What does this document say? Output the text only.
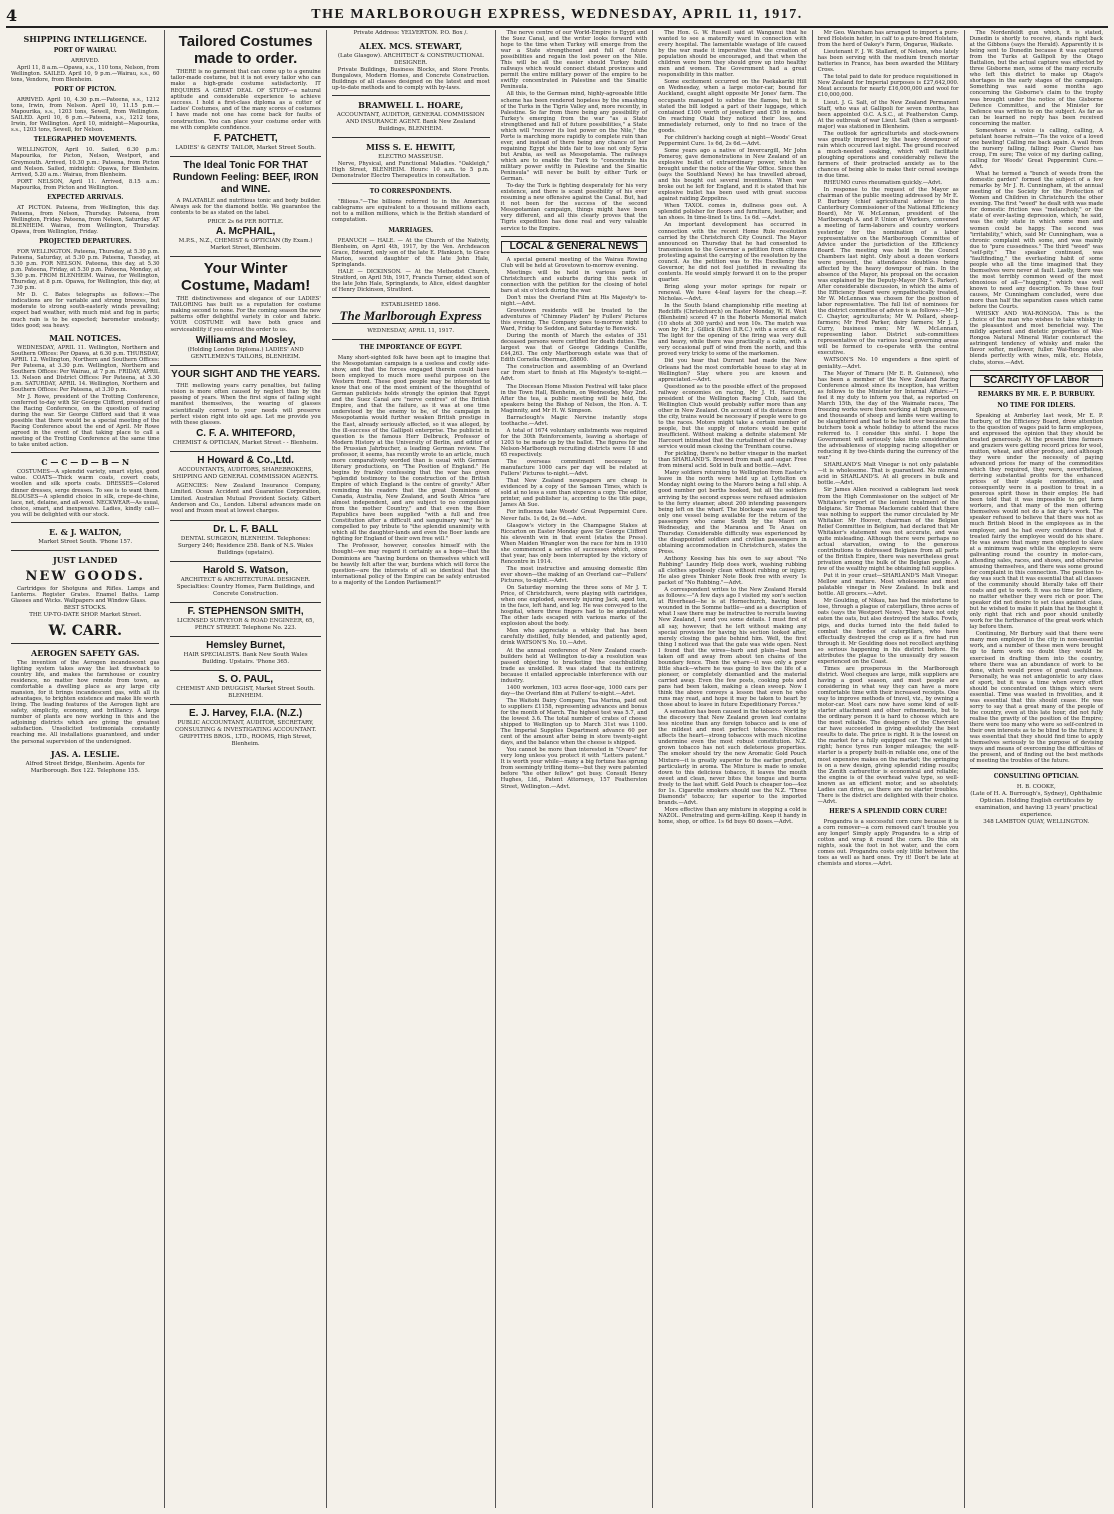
4	THE MARLBOROUGH EXPRESS, WEDNESDAY, APRIL 11, 1917.
SHIPPING INTELLIGENCE.
PORT OF WAIRAU.
ARRIVED.

April 11, 8 a.m.—Opawa, s.s., 110 tons, Nelson, from Wellington. SAILED. April 10, 9 p.m.—Wairau, s.s., 60 tons, Vendore, from Blenheim.

PORT OF PICTON.

ARRIVED. April 10, 4.30 p.m.—Pateena, s.s., 1212 tons, Irwin, from Nelson. April 10, 11.15 p.m.—Mapourika, s.s., 1203 tons, Sewell, from Wellington. SAILED. April 10, 6 p.m.—Pateena, s.s., 1212 tons, Irwin, for Wellington. April 10, midnight—Mapourika, s.s., 1203 tons, Sewell, for Nelson.

TELEGRAPHED MOVEMENTS.

WELLINGTON, April 10. Sailed, 6.30 p.m.: Mapourika, for Picton, Nelson, Westport, and Greymouth. Arrived, 10.30 p.m.: Pateena, from Picton and Nelson. Sailed, midnight: Opawa, for Blenheim. Arrived, 5.20 a.m.: Wairau, from Blenheim.

PORT NELSON, April 11. Arrived, 8.15 a.m.: Mapourika, from Picton and Wellington.

EXPECTED ARRIVALS.

AT PICTON. Pateena, from Wellington, this day. Pateena, from Nelson, Thursday. Pateena, from Wellington, Friday. Pateena, from Nelson, Saturday. AT BLENHEIM. Wairau, from Wellington, Thursday. Opawa, from Wellington, Friday.

PROJECTED DEPARTURES.

FOR WELLINGTON. Pateena, Thursday, at 5.30 p.m. Pateena, Saturday, at 5.30 p.m. Pateena, Tuesday, at 5.30 p.m. FOR NELSON. Pateena, this day, at 5.30 p.m. Pateena, Friday, at 5.30 p.m. Pateena, Monday, at 5.30 p.m. FROM BLENHEIM. Wairau, for Wellington, Thursday, at 8 p.m. Opawa, for Wellington, this day, at 7.30 p.m.

Mr D. C. Bates telegraphs as follows:—The indications are for variable and strong breezes, but moderate to strong south-easterly winds prevailing; expect bad weather, with much mist and fog in parts; much rain is to be expected; barometer unsteady; tides good; sea heavy.

MAIL NOTICES.

WEDNESDAY, APRIL 11. Wellington, Northern and Southern Offices: Per Opawa, at 6.30 p.m. THURSDAY, APRIL 12. Wellington, Northern and Southern Offices: Per Pateena, at 3.30 p.m. Wellington, Northern and Southern Offices: Per Wairau, at 7 p.m. FRIDAY, APRIL 13. Nelson and District Offices: Per Pateena, at 3.30 p.m. SATURDAY, APRIL 14. Wellington, Northern and Southern Offices: Per Pateena, at 3.30 p.m.

Mr J. Rowe, president of the Trotting Conference, conferred to-day with Sir George Clifford, president of the Racing Conference, on the question of racing during the war. Sir George Clifford said that it was possible that there would be a special meeting of the Racing Conference about the end of April. Mr Rowe agreed in the event of that taking place to call a meeting of the Trotting Conference at the same time to take united action.

C — C — D — B — N

COSTUMES—A splendid variety, smart styles, good value. COATS—Thick warm coats, covert coats, woollen and silk sports coats. DRESSES—Colored dinner dresses, serge dresses. To see is to want them. BLOUSES—A splendid choice in silk, crepe-de-chine, lace, net, delaine, and all-wool. NECKWEAR—As usual, choice, smart, and inexpensive. Ladies, kindly call—you will be delighted with our stock.

E. & J. WALTON,
Market Street South. 'Phone 157.
JUST LANDED
NEW GOODS.

Cartridges for Shotguns and Rifles. Lamps and Lanterns. Register Grates. Enamel Baths. Lamp Glasses and Wicks. Wallpapers and Window Glass.

BEST STOCKS.
THE UP-TO-DATE SHOP. Market Street.
W. CARR.
AEROGEN SAFETY GAS.

The invention of the Aerogen incandescent gas lighting system takes away the last drawback to country life, and makes the farmhouse or country residence, no matter how remote from town, as comfortable a dwelling place as any large city mansion, for it brings incandescent gas, with all its advantages, to brighten existence and make life worth living. The leading features of the Aerogen light are safety, simplicity, economy, and brilliancy. A large number of plants are now working in this and the adjoining districts which are giving the greatest satisfaction. Unsolicited testimonials constantly reaching me. All installations guaranteed, and under the personal supervision of the undersigned.

JAS. A. LESLIE.
Alfred Street Bridge, Blenheim. Agents for Marlborough. Box 122. Telephone 155.
Tailored Costumes made to order.

THERE is no garment that can come up to a genuine tailor-made costume, but it is not every tailor who can make a high-grade costume satisfactorily. IT REQUIRES A GREAT DEAL OF STUDY—a natural aptitude and considerable experience to achieve success. I hold a first-class diploma as a cutter of Ladies' Costumes, and of the many scores of costumes I have made not one has come back for faults of construction. You can place your costume order with me with complete confidence.

F. PATCHETT,
LADIES' & GENTS' TAILOR, Market Street South.
The Ideal Tonic FOR THAT Rundown Feeling: BEEF, IRON and WINE.

A PALATABLE and nutritious tonic and body builder. Always ask for the diamond bottle. We guarantee the contents to be as stated on the label.

PRICE 2s 6d PER BOTTLE.
A. McPHAIL,
M.P.S., N.Z., CHEMIST & OPTICIAN (By Exam.) Market Street, Blenheim.
Your Winter Costume, Madam!

THE distinctiveness and elegance of our LADIES' TAILORING has built us a reputation for costume making second to none. For the coming season the new patterns offer delightful variety in color and fabric. YOUR COSTUME will have both grace and serviceability if you entrust the order to us.

Williams and Mosley,
(Holding London Diploma.) LADIES' AND GENTLEMEN'S TAILORS, BLENHEIM.
YOUR SIGHT AND THE YEARS.

THE mellowing years carry penalties, but failing vision is more often caused by neglect than by the passing of years. When the first signs of failing sight manifest themselves, the wearing of glasses scientifically correct to your needs will preserve perfect vision right into old age. Let me provide you with these glasses.

C. F. A. WHITEFORD,
CHEMIST & OPTICIAN, Market Street - - Blenheim.
H Howard & Co.,Ltd.
ACCOUNTANTS, AUDITORS, SHAREBROKERS, SHIPPING AND GENERAL COMMISSION AGENTS.

AGENCIES: New Zealand Insurance Company, Limited. Ocean Accident and Guarantee Corporation, Limited. Australian Mutual Provident Society. Gilbert Anderson and Co., London. Liberal advances made on wool and frozen meat at lowest charges.

Dr. L. F. BALL
DENTAL SURGEON, BLENHEIM. Telephones: Surgery 246; Residence 258. Bank of N.S. Wales Buildings (upstairs).
Harold S. Watson,
ARCHITECT & ARCHITECTURAL DESIGNER. Specialties: Country Homes, Farm Buildings, and Concrete Construction.
F. STEPHENSON SMITH,
LICENSED SURVEYOR & ROAD ENGINEER, 65, PERCY STREET. Telephone No. 223.
Hemsley Burnet,
HAIR SPECIALISTS. Bank New South Wales Building. Upstairs. 'Phone 365.
S. O. PAUL,
CHEMIST AND DRUGGIST, Market Street South. BLENHEIM.
E. J. Harvey, F.I.A. (N.Z.)
PUBLIC ACCOUNTANT, AUDITOR, SECRETARY, CONSULTING & INVESTIGATING ACCOUNTANT. GRIFFITHS BROS., LTD., ROOMS, High Street, Blenheim.
Private Address: YELVERTON. P.O. Box /.
ALEX. MCS. STEWART,
(Late Glasgow). ARCHITECT & CONSTRUCTIONAL DESIGNER.

Private Buildings, Business Blocks, and Store Fronts. Bungalows, Modern Homes, and Concrete Construction. Buildings of all classes designed on the latest and most up-to-date methods and to comply with by-laws.

BRAMWELL L. HOARE,
ACCOUNTANT, AUDITOR, GENERAL COMMISSION AND INSURANCE AGENT. Bank New Zealand Buildings, BLENHEIM.
MISS S. E. HEWITT,
ELECTRO MASSEUSE.

Nerve, Physical, and Functional Maladies. "Oakleigh," High Street, BLENHEIM. Hours: 10 a.m. to 5 p.m. Demonstrator Electro Therapeutics in consultation.

TO CORRESPONDENTS.

"Bilious."—The billions referred to in the American cablegrams are equivalent to a thousand millions each, not to a million millions, which is the British standard of computation.

MARRIAGES.

PEANUCH — HALE. — At the Church of the Nativity, Blenheim, on April 4th, 1917, by the Ven. Archdeacon Grace, Edward, only son of the late E. Pfankuch, to Grace Marion, second daughter of the late John Hale, Springlands.

HALE — DICKINSON. — At the Methodist Church, Stratford, on April 5th, 1917, Francis Turner, eldest son of the late John Hale, Springlands, to Alice, eldest daughter of Henry Dickinson, Stratford.

ESTABLISHED 1866.
The Marlborough Express
WEDNESDAY, APRIL 11, 1917.
THE IMPORTANCE OF EGYPT.

Many short-sighted folk have been apt to imagine that the Mesopotamian campaign is a useless and costly side-show, and that the forces engaged therein could have been employed to much more useful purpose on the Western front. These good people may be interested to know that one of the most eminent of the thoughtful of German publicists holds strongly the opinion that Egypt and the Suez Canal are "nerve centres" of the British Empire, and that the failure, as it was at one time understood by the enemy to be, of the campaign in Mesopotamia would further weaken British prestige in the East, already seriously affected, so it was alleged, by the ill-success of the Gallipoli enterprise. The publicist in question is the famous Herr Delbruck, Professor of Modern History at the University of Berlin, and editor of the Prussian Jahrbucher, a leading German review. The professor, it seems, has recently wrote to an article, much more comparatively worded than is usual with German literary productions, on "The Position of England." He begins by frankly confessing that the war has given "splendid testimony to the construction of the British Empire of which England is the centre of gravity." After reminding his readers that the great Dominions of Canada, Australia, New Zealand, and South Africa "are almost independent, and are subject to no compulsion from the mother Country," and that even the Boer Republics have been supplied "with a full and free Constitution after a difficult and sanguinary war," he is compelled to pay tribute to "the splendid unanimity with which all the daughter-lands and even the Boer lands are fighting for England of their own free will."

The Professor, however, consoles himself with the thought—we may regard it certainly as a hope—that the Dominions are "having burdens on themselves which will be heavily felt after the war, burdens which will force the question—are the interests of all so identical that the international policy of the Empire can be safely entrusted to a majority of the London Parliament?"

The nerve centre of our World-Empire is Egypt and the Suez Canal, and the writer looks forward with hope to the time when Turkey will emerge from the war a State strengthened and full of future possibilities and regain the lost power on the Nile. This will be all the easier should Turkey build railways which would connect distant provinces and permit the entire military power of the empire to be swiftly concentrated in Palestine and the Sinaitic Peninsula.

All this, to the German mind, highly-agreeable little scheme has been rendered hopeless by the smashing of the Turks in the Tigris Valley and, more recently, in Palestine. So far from there being any possibility of Turkey's emerging from the war "as a State strengthened and full of future possibilities," a State which will "recover its lost power on the Nile," the Porte is marching more rapidly to complete ruin than ever, and instead of there being any chance of her regaining Egypt she bids fair to lose not only Syria but Arabia, as well as Mesopotamia. The railways which are to enable the Turk to "concentrate his military power swiftly in Palestine and the Sinaitic Peninsula" will never be built by either Turk or German.

To-day the Turk is fighting desperately for his very existence, and there is scant possibility of his ever resuming a new offensive against the Canal. But, had it not been for the success of the second Mesopotamian campaign, things might have been very different, and all this clearly proves that the Tigris expedition has done real and very valuable service to the Empire.

LOCAL & GENERAL NEWS

A special general meeting of the Wairau Rowing Club will be held at Grovetown to-morrow evening.

Meetings will be held in various parts of Christchurch and suburbs during this week in connection with the petition for the closing of hotel bars at six o'clock during the war.

Don't miss the Overland Film at His Majesty's to-night.—Advt.

Grovetown residents will be treated to the adventures of "Chimney Pladen" by Fullers' Pictures this evening. The Company goes to-morrow night to Ward, Friday to Seddon, and Saturday to Renwick.

During the month of March the estates of 351 deceased persons were certified for death duties. The largest was that of George Giddings Cunliffe, £44,263. The only Marlborough estate was that of Edith Cornelia Oberman, £8800.

The construction and assembling of an Overland car from start to finish at His Majesty's to-night.—Advt.

The Diocesan Home Mission Festival will take place in the Town Hall, Blenheim, on Wednesday, May 2nd. After the tea, a public meeting will be held, the speakers being the Bishop of Nelson, the Hon. A. T. Maginnity, and Mr H. W. Simpson.

Barraclough's Magic Nervine instantly stops toothache.—Advt.

A total of 1674 voluntary enlistments was required for the 30th Reinforcements, leaving a shortage of 1203 to be made up by the ballot. The figures for the Nelson-Marlborough recruiting districts were 18 and 65 respectively.

The overseas commitment necessary to manufacture 1000 cars per day will be related at Fullers' Pictures to-night.—Advt.

That New Zealand newspapers are cheap is evidenced by a copy of the Samoan Times, which is sold at no less a sum than sixpence a copy. The editor, printer, and publisher is, according to the title page, James Ah Sue.

For influenza take Woods' Great Peppermint Cure. Never fails. 1s 6d, 2s 6d.—Advt.

Glasgow's victory in the Champagne Stakes at Riccarton on Easter Monday gave Sir George Clifford his eleventh win in that event (states the Press). When Maiden Wrangler won the race for him in 1910 she commenced a series of successes which, since that year, has only been interrupted by the victory of Rencontre in 1914.

The most instructive and amusing domestic film ever shown—the making of an Overland car—Fullers' Pictures, to-night.—Advt.

On Saturday morning the three sons of Mr J. T. Price, of Christchurch, were playing with cartridges, when one exploded, severely injuring Jack, aged ten, in the face, left hand, and leg. He was conveyed to the hospital, where three fingers had to be amputated. The other lads escaped with various marks of the explosion about the body.

Men who appreciate a whisky that has been carefully distilled, fully blended, and patiently aged, drink WATSON'S No. 10.—Advt.

At the annual conference of New Zealand coach-builders held at Wellington to-day a resolution was passed objecting to bracketing the coachbuilding trade as unskilled. It was stated that its entirety, because it entailed appreciable interference with our industry.

1400 workmen, 103 acres floor-age, 1000 cars per day—the Overland film at Fullers' to-night.—Advt.

The Waitohi Dairy Company, Tua Marina, paid out to suppliers £1158, representing advances and bonus for the month of March. The highest test was 5.7, and the lowest 3.6. The total number of crates of cheese shipped to Wellington up to March 31st was 1100. The Imperial Supplies Department advance 60 per cent of the amount after being in store twenty-eight days, and the balance when the cheese is shipped.

You cannot be more than interested in "Ovaro" for very long unless you protect it with "Letters patent." It is worth your while—many a big fortune has sprung from seemingly trifling items—but they were patented before "the other fellow" got busy. Consult Henry Hughes, Ltd., Patent Attorneys, 157 Featherston Street, Wellington.—Advt.

The Hon. G. W. Russell said at Wanganui that he wanted to see a maternity ward in connection with every hospital. The lamentable wastage of life caused by the war made it imperative that the creation of population should be encouraged, and that when the children were born they should grow up into healthy men and women. The Government had a great responsibility in this matter.

Some excitement occurred on the Paekakariki Hill on Wednesday, when a large motor-car, bound for Auckland, caught alight opposite Mr Jones' farm. The occupants managed to subdue the flames, but it is stated the bill lodged a part of their luggage, which contained £100 worth of jewellery and £50 in notes. On reaching Otaki they noticed their loss, and immediately returned, only to find no trace of the goods.

For children's hacking cough at night—Woods' Great Peppermint Cure. 1s 6d, 2s 6d.—Advt.

Some years ago a native of Invercargill, Mr John Pomeroy, gave demonstrations in New Zealand of an explosive bullet of extraordinary power, which he brought under the notice of the War Office. Since then (says the Southland News) he has travelled abroad, and his bought out several inventions. When war broke out he left for England, and it is stated that his explosive bullet has been used with great success against raiding Zeppelins.

When TAXOL comes in, dullness goes out. A splendid polisher for floors and furniture, leather, and tan shoes. In time-lined 1s tins. 1s 6d. —Advt.

An important development has occurred in connection with the recent Home Rule resolution carried by the Christchurch City Council. The Mayor announced on Thursday that he had consented to transmission to the Governor a petition from citizens protesting against the carrying of the resolution by the council. As the petition was to His Excellency the Governor, he did not feel justified in revealing its contents. He would simply forward it on to the proper quarter.

Bring along your motor springs for repair or renewal. We have 4-leaf layers for the cheap.—F. Nicholas.—Advt.

In the South Island championship rifle meeting at Redcliffs (Christchurch) on Easter Monday, W. H. West (Blenheim) scored 47 in the Roberts Memorial match (10 shots at 300 yards) and won 10s. The match was won by Mr. J. Gillick (Kiwi D.R.C.) with a score of 42. The light for the opening of the firing was very dull and heavy, while there was practically a calm, with a very occasional puff of wind from the north, and this proved very tricky to some of the marksmen.

Did you hear that Durrant had made the New Orleans had the most comfortable house to stay at in Wellington? Stay where you are known and appreciated.—Advt.

Questioned as to the possible effect of the proposed railway economies on racing, Mr J. H. Harcourt, president of the Wellington Racing Club, said the Wellington Club would probably suffer more than any other in New Zealand. On account of its distance from the city, trains would be necessary if people were to go to the races. Motors might take a certain number of people, but the supply of motors would be quite insufficient. Without making a definite statement Mr Harcourt intimated that the curtailment of the railway service would mean closing the Trentham course.

For pickling, there's no better vinegar in the market than SHARLAND'S. Brewed from malt and sugar. Free from mineral acid. Sold in bulk and bottle.—Advt.

Many soldiers returning to Wellington from Easter's leave in the north were held up at Lyttelton on Monday night owing to the Maroro being a full ship. A good number got berths booked, but all the soldiers arriving by the second express were refused admission to the ferry steamer, about 200 intending passengers being left on the wharf. The blockage was caused by only one vessel being available for the return of the passengers who came South by the Maori on Wednesday, and the Maranoa and Te Anau on Thursday. Considerable difficulty was experienced by the disappointed soldiers and civilian passengers in obtaining accommodation in Christchurch, states the Press.

Anthony Keesing has his own to say about "No Rubbing" Laundry Help does work, washing rubbing all clothes spotlessly clean without rubbing or injury. He also gives Thinker Note Book free with every 1s packet of "No Rubbing."—Advt.

A correspondent writes to the New Zealand Herald as follows:—"A few days ago I visited my son's section at Riverhead—he is at Hornechurch, having been wounded in the Somme battle—and as a description of what I saw there may be instructive to recruits leaving New Zealand, I send you some details. I must first of all say, however, that he left without making any special provision for having his section looked after, merely closing the gate behind him. Well, the first thing I noticed was that the gate was wide open. Next I found that the wires—barb and plain—had been taken off and away from about ten chains of the boundary fence. Then the whare—it was only a poor little shack—where he was going to live the life of a pioneer, or completely dismantled and the material carried away. Even the few posts, cooking pots and pans had been taken, making a clean sweep. Now I think the above conveys a lesson that even he who runs may read, and hope it may be taken to heart by those about to leave in future Expeditionary Forces."

A sensation has been caused in the tobacco world by the discovery that New Zealand grown leaf contains less nicotine than any foreign tobacco and is one of the mildest and most perfect tobaccos. Nicotine affects the heart—strong tobaccos with much nicotine undermine even the most robust constitution. N.Z. grown tobacco has not such deleterious properties. The smoker should try the new Aromatic Gold Pouch Mixture—it is greatly superior to the earlier product, particularly in aroma. The Mixture is made to smoke down to this delicious tobacco, it leaves the mouth sweet and clean, never bites the tongue and burns freely to the last whiff. Gold Pouch is cheaper too—4oz for 1s. Cigarette smokers should use the N.Z. "Three Diamonds" tobacco; far superior to the imported brands.—Advt.

More effective than any mixture in stopping a cold is NAZOL. Penetrating and germ-killing. Keep it handy in home, shop, or office. 1s 6d buys 60 doses.—Advt.

Mr Geo. Wareham has arranged to import a pure-bred Holstein heifer, in calf to a pure-bred Holstein, from the herd of Oakey's Farm, Ongarue, Waikato.

Lieutenant F. J. W. Stallard, of Nelson, who lately has been serving with the medium trench mortar batteries in France, has been awarded the Military Cross.

The total paid to date for produce requisitioned in New Zealand for Imperial purposes is £27,642,000. Meat accounts for nearly £16,000,000 and wool for £10,000,000.

Lieut. J. G. Salt, of the New Zealand Permanent Staff, who was at Gallipoli for seven months, has been appointed O.C. A.S.C., at Featherston Camp. At the outbreak of war Lieut. Salt (then a sergeant-major) was stationed in Blenheim.

The outlook for agriculturists and stock-owners was greatly improved by the heavy downpour of rain which occurred last night. The ground received a much-needed soaking, which will facilitate ploughing operations and considerably relieve the farmers of their protracted anxiety as to the chances of being able to make their cereal sowings in due time.

RHEUMO cures rheumatism quickly.—Advt.

In response to the request of the Mayor as chairman of the public meeting addressed by Mr E. P. Burbury (chief agricultural adviser to the Canterbury Commissioner of the National Efficiency Board), Mr W. McLennan, president of the Marlborough A. and P. Union of Workers, convened a meeting of farm-laborers and country workers yesterday for the nomination of a labor representative on the Marlborough Committee of Advice under the jurisdiction of the Efficiency Board. The meeting was held in the Council Chambers last night. Only about a dozen workers were present, the attendance doubtless being affected by the heavy downpour of rain. In the absence of the Mayor, his proposal on the occasion was explained by the Deputy-Mayor (Mr S. Parker). After considerable discussion, in which the aims of the Efficiency Board were sympathetically treated, Mr W. McLennan was chosen for the position of labor representative. The full list of nominees for the district committee of advice is as follows:—Mr J. C. Chaytor, agriculturists; Mr W. Pollard, sheep-farmers; Mr Fred Parker, dairy farmers; Mr J. J. Curry, business men; Mr W. McLennan, representing labor. District sub-committees representative of the various local governing areas will be formed to co-operate with the central executive.

WATSON'S No. 10 engenders a fine spirit of geniality.—Advt.

The Mayor of Timaru (Mr E. R. Guinness), who has been a member of the New Zealand Racing Conference almost since its inception, has written as follows to the Minister for Internal Affairs:—"I feel it my duty to inform you that, as reported on March 15th, the day of the Waimate races, The freezing works were then working at high pressure, and thousands of sheep and lambs were waiting to be slaughtered and had to be held over because the butchers took a whole holiday to attend the races referred to. I consider this sinful. I hope the Government will seriously take into consideration the advisableness of stopping racing altogether or reducing it by two-thirds during the currency of the war."

SHARLAND'S Malt Vinegar is not only palatable—it is wholesome. That is guaranteed. No mineral acid in SHARLAND'S. At all grocers in bulk and bottle.—Advt.

Sir James Allen received a cablegram last week from the High Commissioner on the subject of Mr Whitaker's report of the lenient treatment of the Belgians. Sir Thomas Mackenzie cabled that there was nothing to support the rumor circulated by Mr Whitaker. Mr Hoover, chairman of the Belgian Relief Committee in Belgium, had declared that Mr Whitaker's statement was not accurate, and was quite misleading. Although there were perhaps no actual starvation, owing to the generous contributions to distressed Belgians from all parts of the British Empire, there was nevertheless great privation among the bulk of the Belgian people. A few of the wealthy might be obtaining full supplies.

Put it in your cruet—SHARLAND'S Malt Vinegar. Mellow and mature. Most wholesome and most palatable vinegar in New Zealand. In bulk and bottle. All grocers.—Advt.

Mr Goulding, of Nikau, has had the misfortune to lose, through a plague of caterpillars, three acres of oats (says the Westport News). They have not only eaten the oats, but also destroyed the stalks. Fowls, pigs, and ducks turned into the field failed to combat the hordes of caterpillars, who have effectually destroyed the crop as if a fire had run through it. Mr Goulding does not recollect anything so serious happening in his district before. He attributes the plague to the unusually dry season experienced on the Coast.

Times are prosperous in the Marlborough district. Wool cheques are large, milk suppliers are having a good season, and most people are considering in what way they can have a more comfortable time with their increased receipts. One way to improve methods of travel, viz., by owning a motor-car. Most cars now have some kind of self-starter attachment and other refinements, but to the ordinary person it is hard to choose which are the most reliable. The designers of the Chevrolet car have succeeded in giving absolutely the best results to date. The price is right. It is the lowest on the market for a fully equipped car. The weight is right; hence tyres run longer mileages; the self-starter is a properly built-in reliable one, one of the most expensive makes on the market; the springing is on a new design, giving splendid riding results; the Zenith carburettor is economical and reliable; the engine is of the overhead valve type, so well-known as an efficient motor, and so absolutely. Ladies can drive, as there are no starter troubles. There is the district are delighted with their choice.—Advt.

HERE'S A SPLENDID CORN CURE!

Progandra is a successful corn cure because it is a corn remover—a corn removed can't trouble you any longer! Simply apply Progandra to a strip of cotton and wrap it round the corn. Do this six nights, soak the foot in hot water, and the corn comes out. Progandra costs only little between the toes as well as hard ones. Try it! Don't be late at chemists and stores.—Advt.

The Nordenfeldt gun which, it is stated, Dunedin is shortly to receive, stands right back at the Gibbons (says the Herald). Apparently it is being sent to Dunedin because it was captured from the Turks at Gallipoli by the Otago Battalion, but the actual capture was effected by three Gisborne men, some of the many recruits who left this district to make up Otago's shortages in the early stages of the campaign. Something was said some months ago concerning the Gisborne's claim to the trophy was brought under the notice of the Gisborne Defence Committee, and the Minister for Defence was written to on the subject. As far as can be learned no reply has been received concerning the matter.

Somewhere a voice is calling, calling, A petulant hoarse refrain—'Tis the voice of a loved one bawling! Calling me back again. A wail from the nursery falling, falling: Poor Clarice has croup, I'm sure; The voice of my darling calling, calling for Woods' Great Peppermint Cure.—Advt.

What he termed a "bunch of weeds from the domestic garden" formed the subject of a few remarks by Mr J. R. Cunningham, at the annual meeting of the Society for the Protection of Women and Children in Christchurch the other evening. The first "weed" he dealt with was made for domestic friction was "melancholy," or the state of ever-lasting depression, which, he said, was the only state in which some men and women could be happy. The second was "irritability," which, said Mr Cunningham, was a chronic complaint with some, and was mainly due to "pure cussedness." The third "weed" was "self-pity." The speaker continued, was "faultfinding," the everlasting habit of some people who all the time imagined that they themselves were never at fault. Lastly, there was the most terribly common weed of the most obnoxious of all—"hugging," which was well known to need any description. To these four causes, Mr Cunningham concluded, were due more than half the separation cases which came before the Courts.

WHISKY AND WAI-RONGOA. This is the choice of the man who wishes to take whisky in the pleasantest and most beneficial way. The mildly aperient and dietetic properties of Wai-Rongoa Natural Mineral Water counteract the astringent tendency of whisky and make the flavor softer, mellower, fuller. Wai-Rongoa also blends perfectly with wines, milk, etc. Hotels, clubs, stores.—Advt.

SCARCITY OF LABOR
REMARKS BY MR. E. P. BURBURY.
NO TIME FOR IDLERS.

Speaking at Amberley last week, Mr E. P. Burbury, of the Efficiency Board, drew attention to the question of wages paid to farm employees, and expressed the opinion that they should be treated generously. At the present time farmers and graziers were getting record prices for wool, mutton, wheat, and other produce, and although they were under the necessity of paying advanced prices for many of the commodities which they required, they were, nevertheless, deriving substantial profits for the enhanced prices of their staple commodities, and consequently were in a position to treat in a generous spirit those in their employ. He had been told that it was impossible to get farm workers, and that many of the men offering themselves would not do a fair day's work. The speaker refused to believe that there was not as much British blood in the employees as in the employer, and he had every confidence that if treated fairly the employee would do his share. He was aware that many men objected to slave at a minimum wage while the employers were galivanting round the country in motor-cars, attending sales, races, and shows, and otherwise amusing themselves, and there was some ground for complaint in this connection. The position to-day was such that it was essential that all classes of the community should literally take off their coats and get to work. It was no time for idlers, no matter whether they were rich or poor. The speaker did not desire to set class against class, but he wished to make it plain that he thought it only right that rich and poor should unitedly work for the furtherance of the great work which lay before them.

Continuing, Mr Burbury said that there were many men employed in the city in non-essential work, and a number of these men were brought up to farm work no doubt they would be exercised in drafting them into the country, where there was an abundance of work to be done, which would prove of great usefulness. Personally, he was not antagonistic to any class of sport, but it was a time when every effort should be concentrated on things which were essential. Time was wasted in frivolities, and it was essential that this should cease. He was sorry to say that a great many of the people of the country, even at this late hour, did not fully realise the gravity of the position of the Empire; there were too many who were so self-centred in their own interests as to be blind to the future; it was essential that they should find time to apply themselves seriously to the purpose of devising ways and means of overcoming the difficulties of the present, and of finding out the best methods of meeting the troubles of the future.

CONSULTING OPTICIAN.
H. B. COOKE,
(Late of H. A. Burrough's, Sydney), Ophthalmic Optician. Holding English certificates by examination, and having 13 years' practical experience.
348 LAMBTON QUAY, WELLINGTON.
